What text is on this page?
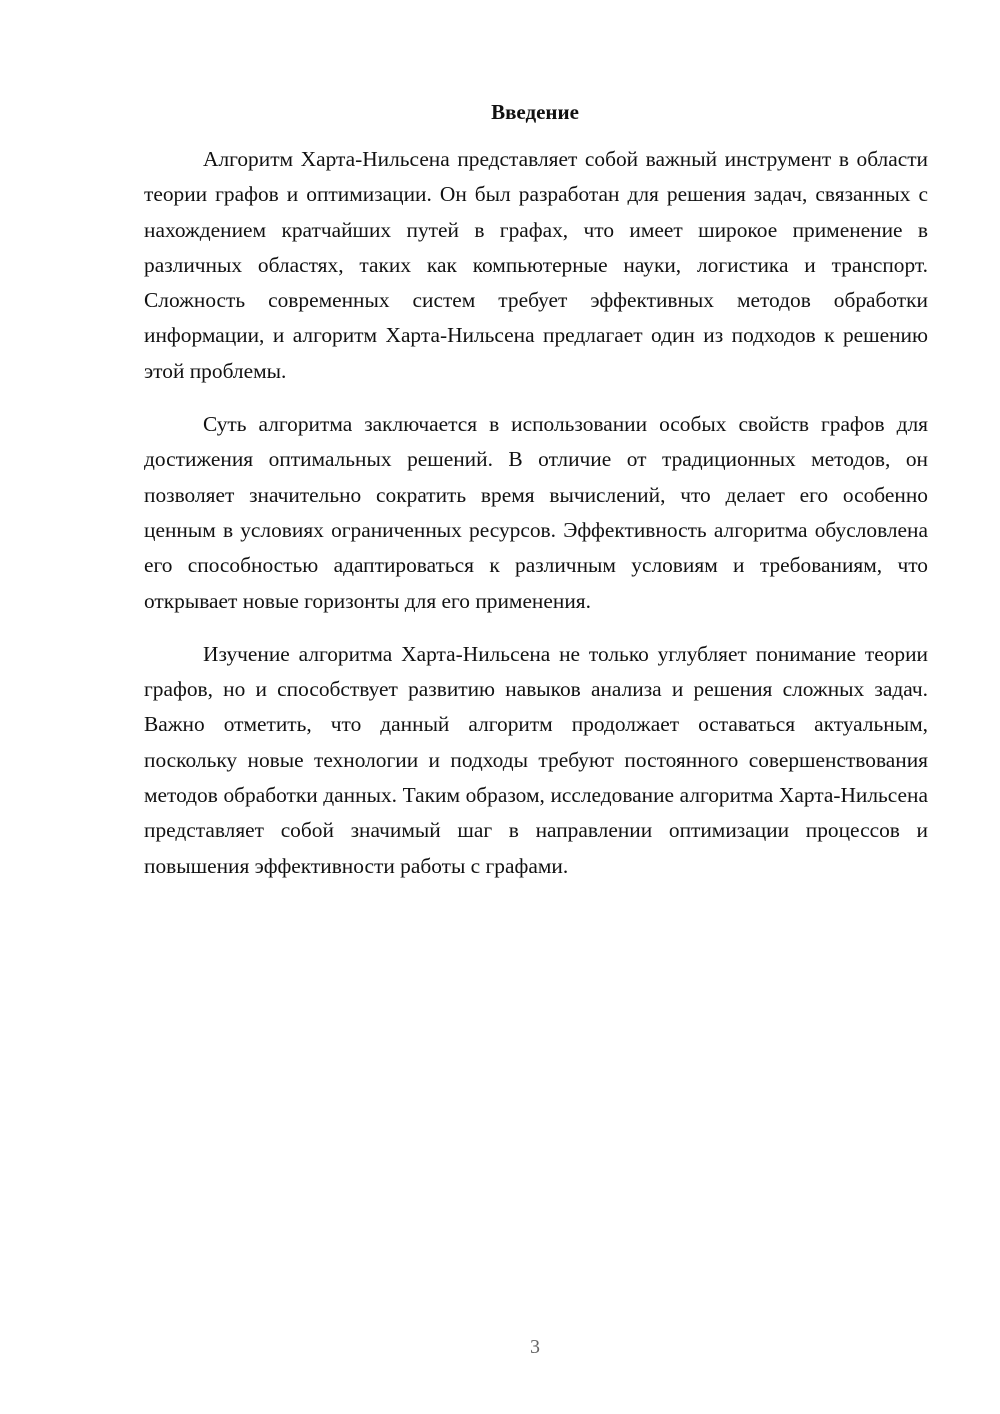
Введение

Алгоритм Харта-Нильсена представляет собой важный инструмент в области теории графов и оптимизации. Он был разработан для решения задач, связанных с нахождением кратчайших путей в графах, что имеет широкое применение в различных областях, таких как компьютерные науки, логистика и транспорт. Сложность современных систем требует эффективных методов обработки информации, и алгоритм Харта-Нильсена предлагает один из подходов к решению этой проблемы.

Суть алгоритма заключается в использовании особых свойств графов для достижения оптимальных решений. В отличие от традиционных методов, он позволяет значительно сократить время вычислений, что делает его особенно ценным в условиях ограниченных ресурсов. Эффективность алгоритма обусловлена его способностью адаптироваться к различным условиям и требованиям, что открывает новые горизонты для его применения.

Изучение алгоритма Харта-Нильсена не только углубляет понимание теории графов, но и способствует развитию навыков анализа и решения сложных задач. Важно отметить, что данный алгоритм продолжает оставаться актуальным, поскольку новые технологии и подходы требуют постоянного совершенствования методов обработки данных. Таким образом, исследование алгоритма Харта-Нильсена представляет собой значимый шаг в направлении оптимизации процессов и повышения эффективности работы с графами.

3
